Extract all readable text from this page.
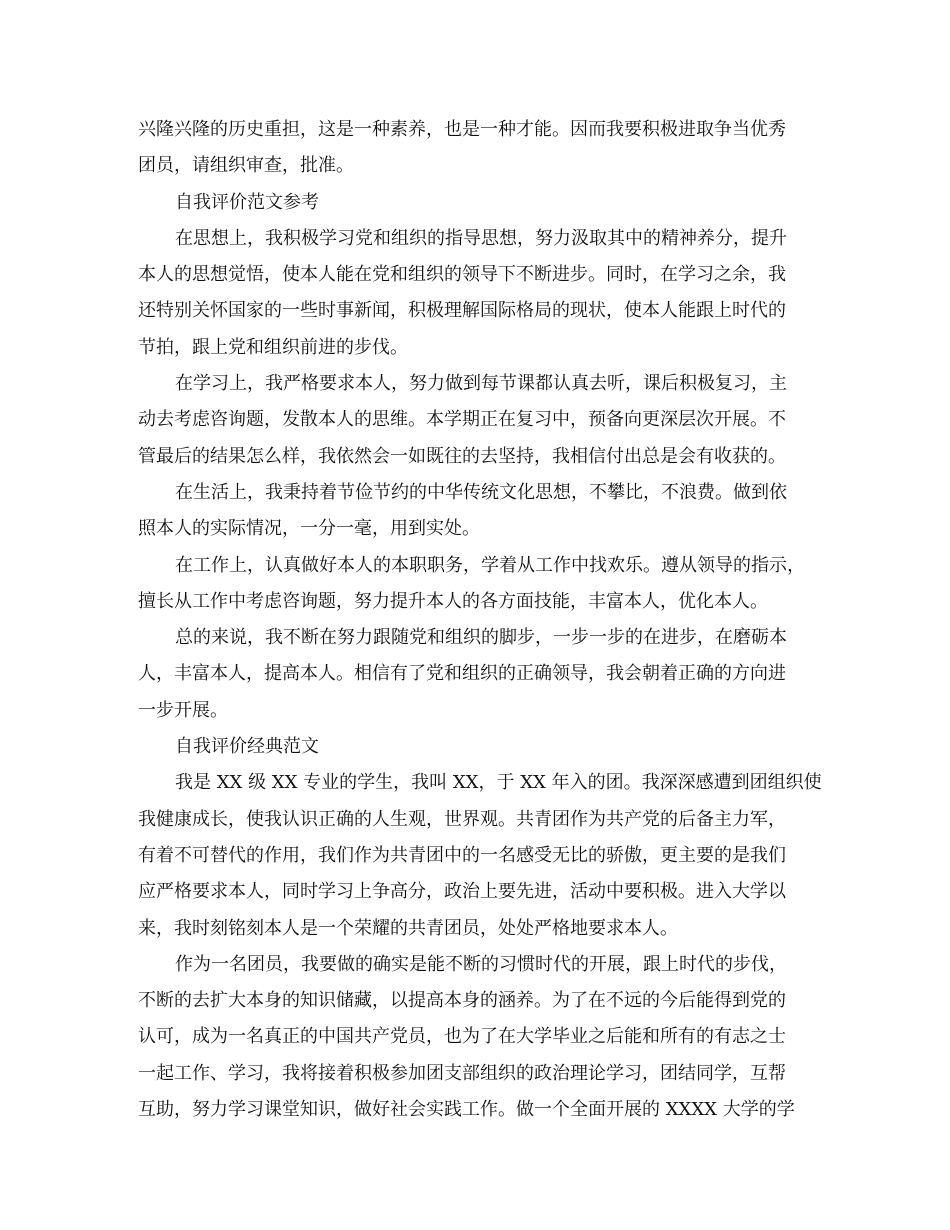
兴隆兴隆的历史重担，这是一种素养，也是一种才能。因而我要积极进取争当优秀
团员，请组织审查，批准。
自我评价范文参考
在思想上，我积极学习党和组织的指导思想，努力汲取其中的精神养分，提升
本人的思想觉悟，使本人能在党和组织的领导下不断进步。同时，在学习之余，我
还特别关怀国家的一些时事新闻，积极理解国际格局的现状，使本人能跟上时代的
节拍，跟上党和组织前进的步伐。
在学习上，我严格要求本人，努力做到每节课都认真去听，课后积极复习，主
动去考虑咨询题，发散本人的思维。本学期正在复习中，预备向更深层次开展。不
管最后的结果怎么样，我依然会一如既往的去坚持，我相信付出总是会有收获的。
在生活上，我秉持着节俭节约的中华传统文化思想，不攀比，不浪费。做到依
照本人的实际情况，一分一毫，用到实处。
在工作上，认真做好本人的本职职务，学着从工作中找欢乐。遵从领导的指示，
擅长从工作中考虑咨询题，努力提升本人的各方面技能，丰富本人，优化本人。
总的来说，我不断在努力跟随党和组织的脚步，一步一步的在进步，在磨砺本
人，丰富本人，提高本人。相信有了党和组织的正确领导，我会朝着正确的方向进
一步开展。
自我评价经典范文
我是 XX 级 XX 专业的学生，我叫 XX，于 XX 年入的团。我深深感遭到团组织使
我健康成长，使我认识正确的人生观，世界观。共青团作为共产党的后备主力军，
有着不可替代的作用，我们作为共青团中的一名感受无比的骄傲，更主要的是我们
应严格要求本人，同时学习上争高分，政治上要先进，活动中要积极。进入大学以
来，我时刻铭刻本人是一个荣耀的共青团员，处处严格地要求本人。
作为一名团员，我要做的确实是能不断的习惯时代的开展，跟上时代的步伐，
不断的去扩大本身的知识储藏，以提高本身的涵养。为了在不远的今后能得到党的
认可，成为一名真正的中国共产党员，也为了在大学毕业之后能和所有的有志之士
一起工作、学习，我将接着积极参加团支部组织的政治理论学习，团结同学，互帮
互助，努力学习课堂知识，做好社会实践工作。做一个全面开展的 XXXX 大学的学
